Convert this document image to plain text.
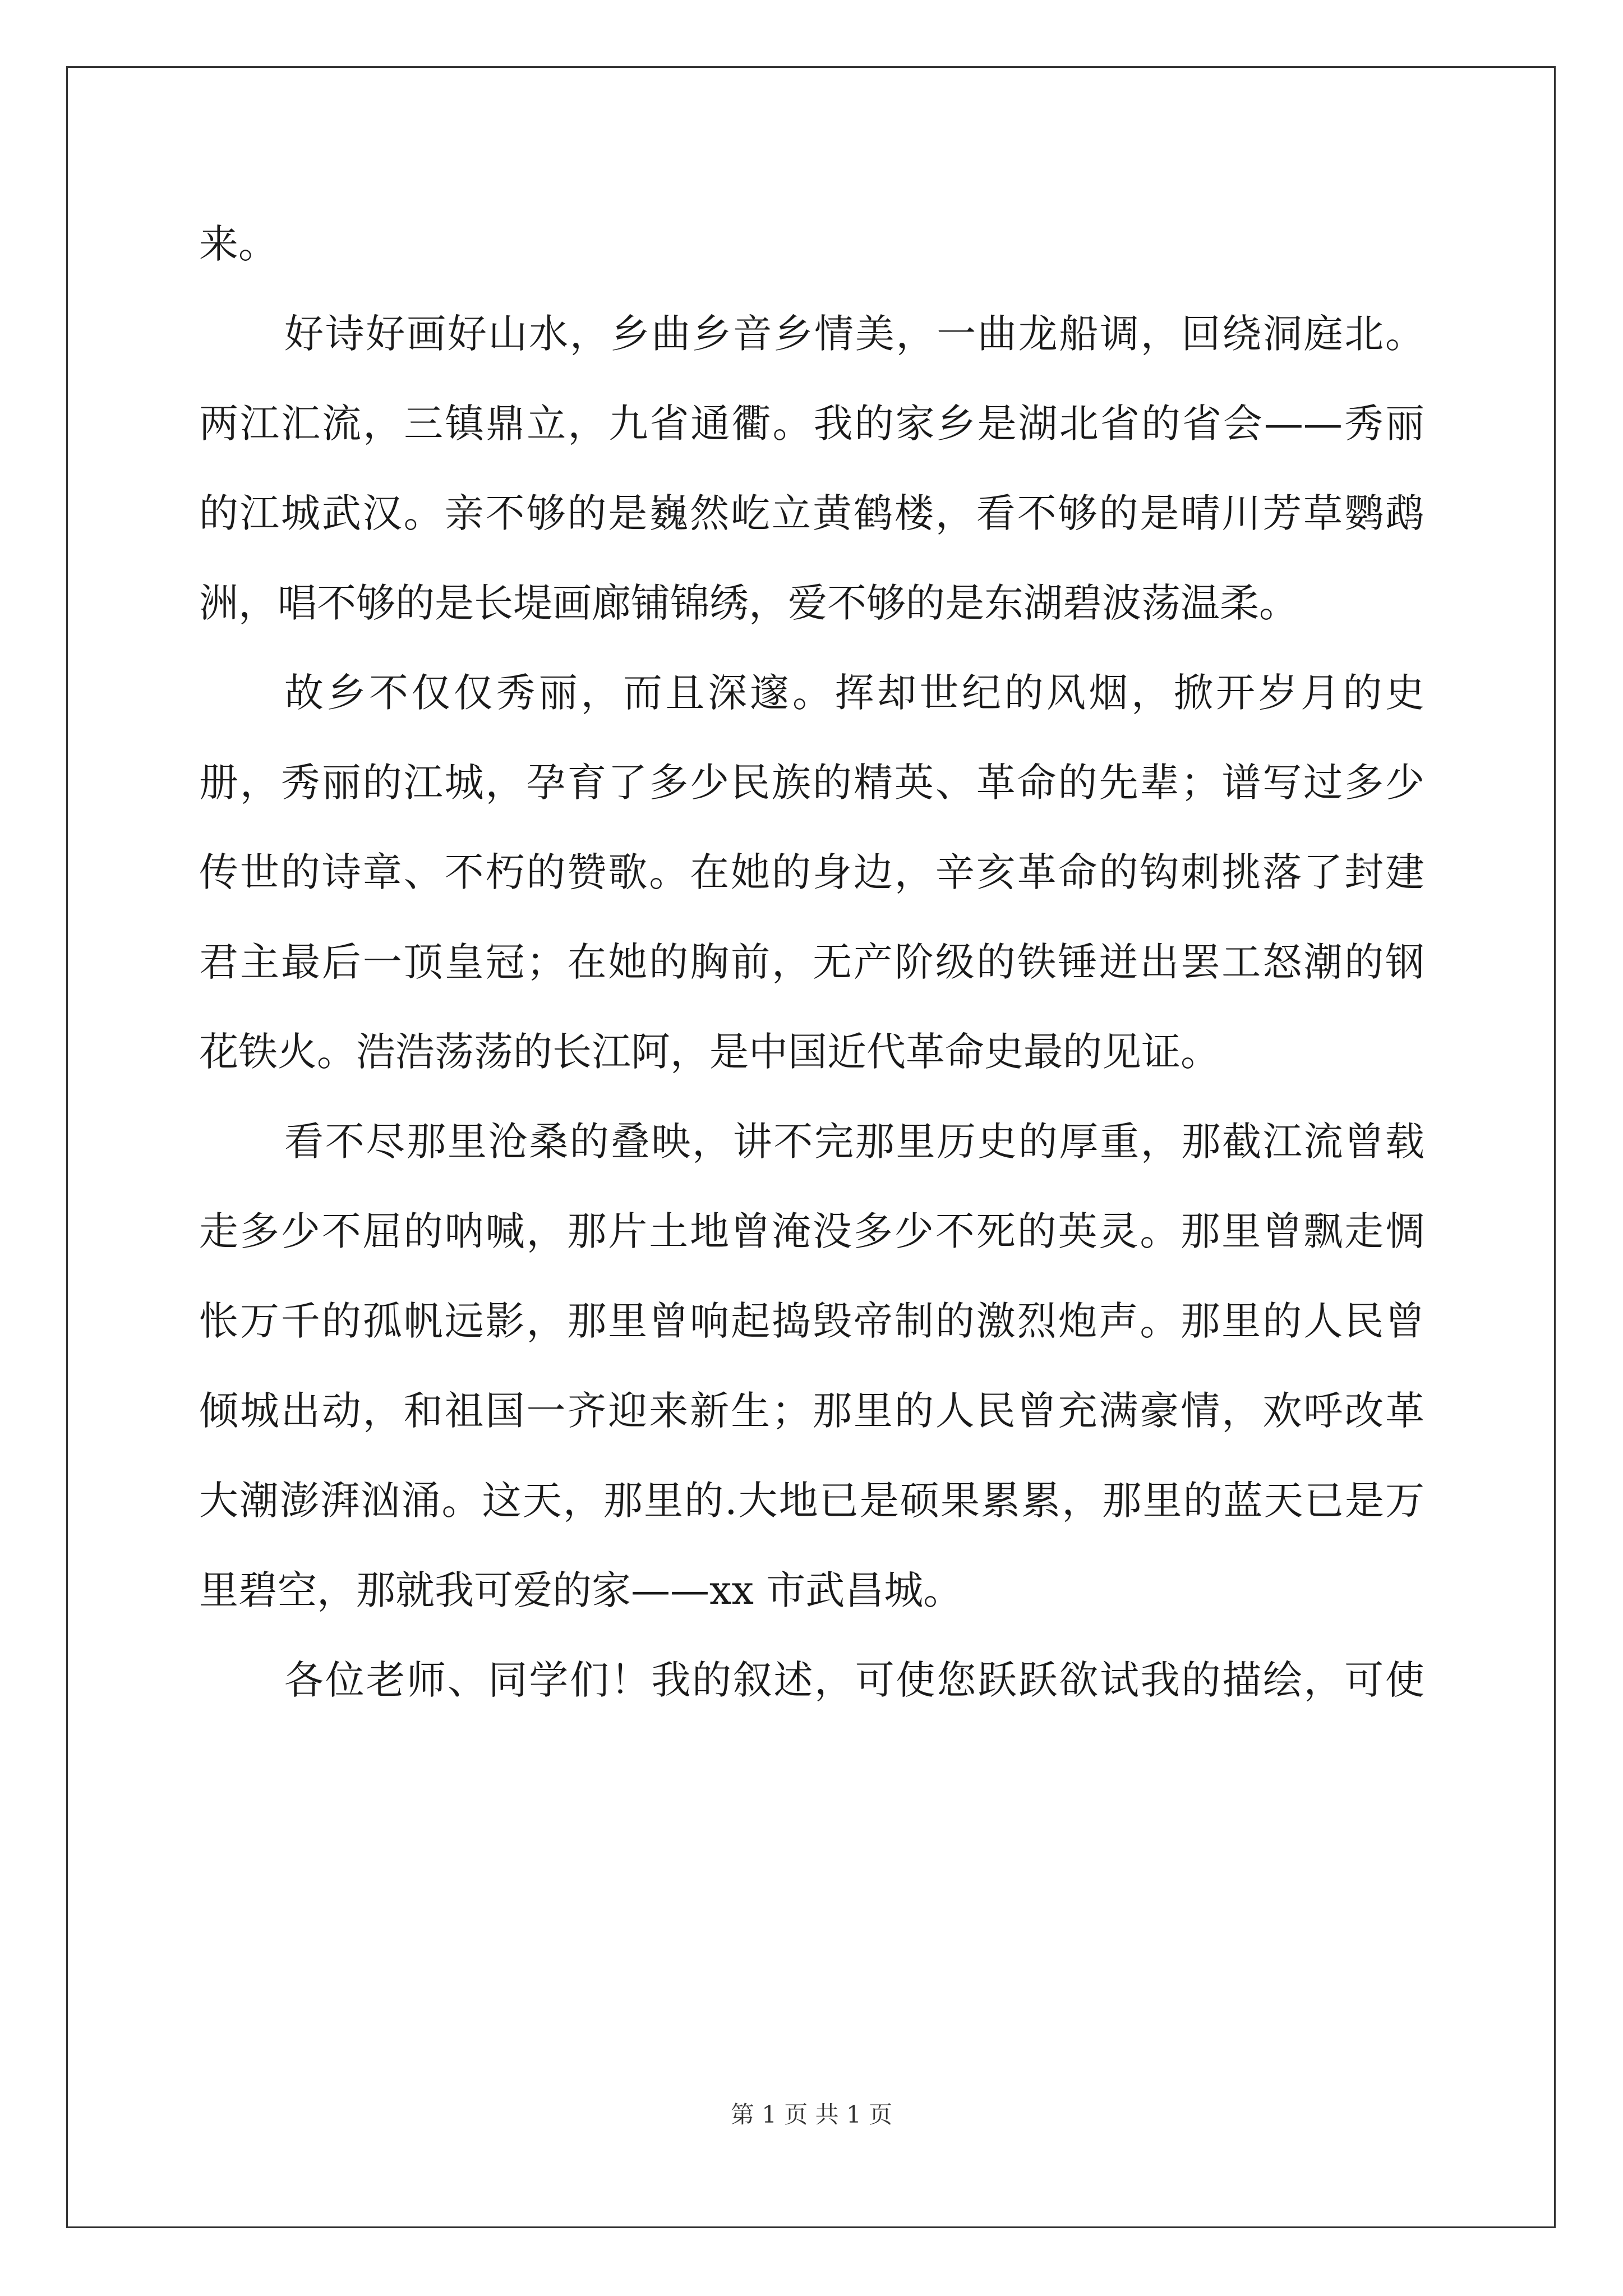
来。
好诗好画好山水，乡曲乡音乡情美，一曲龙船调，回绕洞庭北。
两江汇流，三镇鼎立，九省通衢。我的家乡是湖北省的省会——秀丽
的江城武汉。亲不够的是巍然屹立黄鹤楼，看不够的是晴川芳草鹦鹉
洲，唱不够的是长堤画廊铺锦绣，爱不够的是东湖碧波荡温柔。
故乡不仅仅秀丽，而且深邃。挥却世纪的风烟，掀开岁月的史
册，秀丽的江城，孕育了多少民族的精英、革命的先辈；谱写过多少
传世的诗章、不朽的赞歌。在她的身边，辛亥革命的钩刺挑落了封建
君主最后一顶皇冠；在她的胸前，无产阶级的铁锤迸出罢工怒潮的钢
花铁火。浩浩荡荡的长江阿，是中国近代革命史最的见证。
看不尽那里沧桑的叠映，讲不完那里历史的厚重，那截江流曾载
走多少不屈的呐喊，那片土地曾淹没多少不死的英灵。那里曾飘走惆
怅万千的孤帆远影，那里曾响起捣毁帝制的激烈炮声。那里的人民曾
倾城出动，和祖国一齐迎来新生；那里的人民曾充满豪情，欢呼改革
大潮澎湃汹涌。这天，那里的.大地已是硕果累累，那里的蓝天已是万
里碧空，那就我可爱的家——xx 市武昌城。
各位老师、同学们！我的叙述，可使您跃跃欲试我的描绘，可使
第 1 页 共 1 页
